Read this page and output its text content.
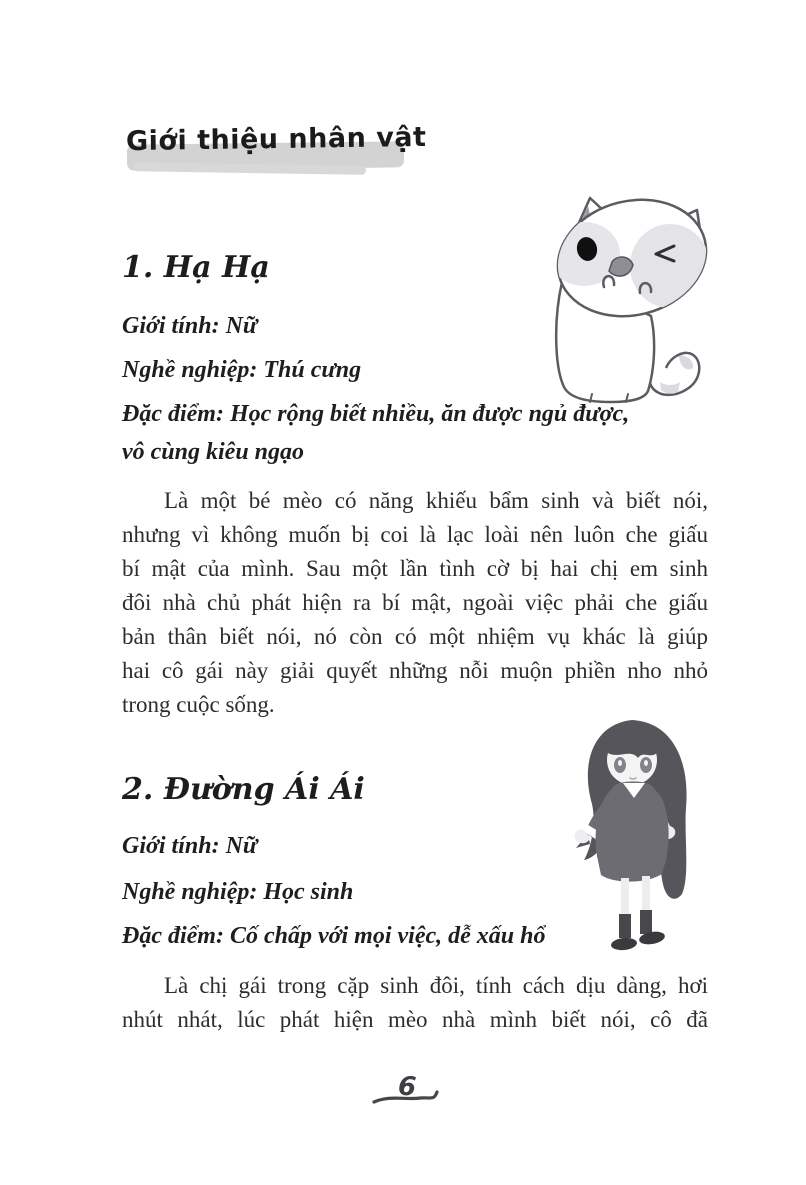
Giới thiệu nhân vật
1. Hạ Hạ
Giới tính: Nữ
Nghề nghiệp: Thú cưng
Đặc điểm: Học rộng biết nhiều, ăn được ngủ được,
vô cùng kiêu ngạo
Là một bé mèo có năng khiếu bẩm sinh và biết nói,
nhưng vì không muốn bị coi là lạc loài nên luôn che giấu
bí mật của mình. Sau một lần tình cờ bị hai chị em sinh
đôi nhà chủ phát hiện ra bí mật, ngoài việc phải che giấu
bản thân biết nói, nó còn có một nhiệm vụ khác là giúp
hai cô gái này giải quyết những nỗi muộn phiền nho nhỏ
trong cuộc sống.
2. Đường Ái Ái
Giới tính: Nữ
Nghề nghiệp: Học sinh
Đặc điểm: Cố chấp với mọi việc, dễ xấu hổ
Là chị gái trong cặp sinh đôi, tính cách dịu dàng, hơi
nhút nhát, lúc phát hiện mèo nhà mình biết nói, cô đã
6
